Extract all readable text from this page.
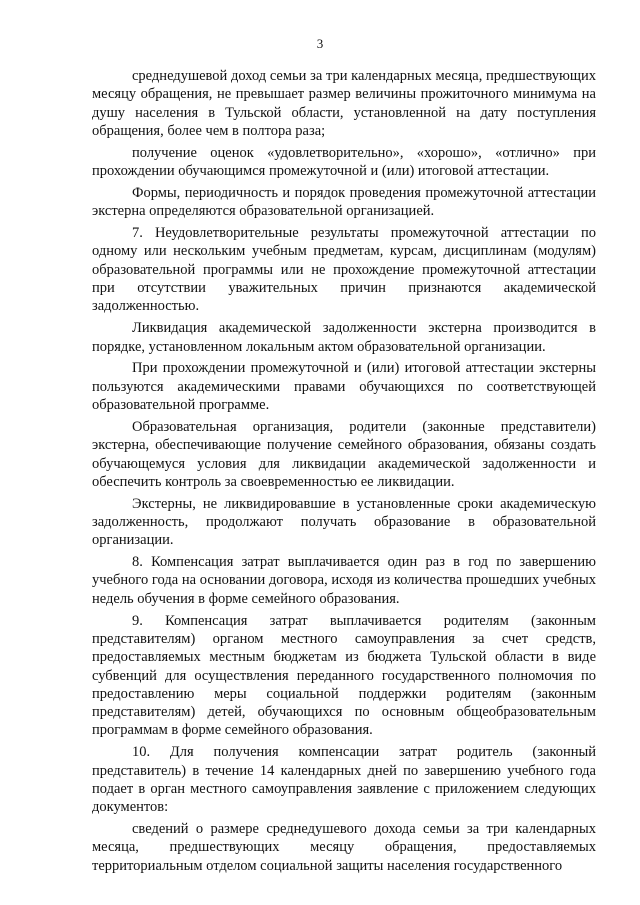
3

среднедушевой доход семьи за три календарных месяца, предшествующих месяцу обращения, не превышает размер величины прожиточного минимума на душу населения в Тульской области, установленной на дату поступления обращения, более чем в полтора раза;

получение оценок «удовлетворительно», «хорошо», «отлично» при прохождении обучающимся промежуточной и (или) итоговой аттестации.

Формы, периодичность и порядок проведения промежуточной аттестации экстерна определяются образовательной организацией.

7. Неудовлетворительные результаты промежуточной аттестации по одному или нескольким учебным предметам, курсам, дисциплинам (модулям) образовательной программы или не прохождение промежуточной аттестации при отсутствии уважительных причин признаются академической задолженностью.

Ликвидация академической задолженности экстерна производится в порядке, установленном локальным актом образовательной организации.

При прохождении промежуточной и (или) итоговой аттестации экстерны пользуются академическими правами обучающихся по соответствующей образовательной программе.

Образовательная организация, родители (законные представители) экстерна, обеспечивающие получение семейного образования, обязаны создать обучающемуся условия для ликвидации академической задолженности и обеспечить контроль за своевременностью ее ликвидации.

Экстерны, не ликвидировавшие в установленные сроки академическую задолженность, продолжают получать образование в образовательной организации.

8. Компенсация затрат выплачивается один раз в год по завершению учебного года на основании договора, исходя из количества прошедших учебных недель обучения в форме семейного образования.

9. Компенсация затрат выплачивается родителям (законным представителям) органом местного самоуправления за счет средств, предоставляемых местным бюджетам из бюджета Тульской области в виде субвенций для осуществления переданного государственного полномочия по предоставлению меры социальной поддержки родителям (законным представителям) детей, обучающихся по основным общеобразовательным программам в форме семейного образования.

10. Для получения компенсации затрат родитель (законный представитель) в течение 14 календарных дней по завершению учебного года подает в орган местного самоуправления заявление с приложением следующих документов:

сведений о размере среднедушевого дохода семьи за три календарных месяца, предшествующих месяцу обращения, предоставляемых территориальным отделом социальной защиты населения государственного
